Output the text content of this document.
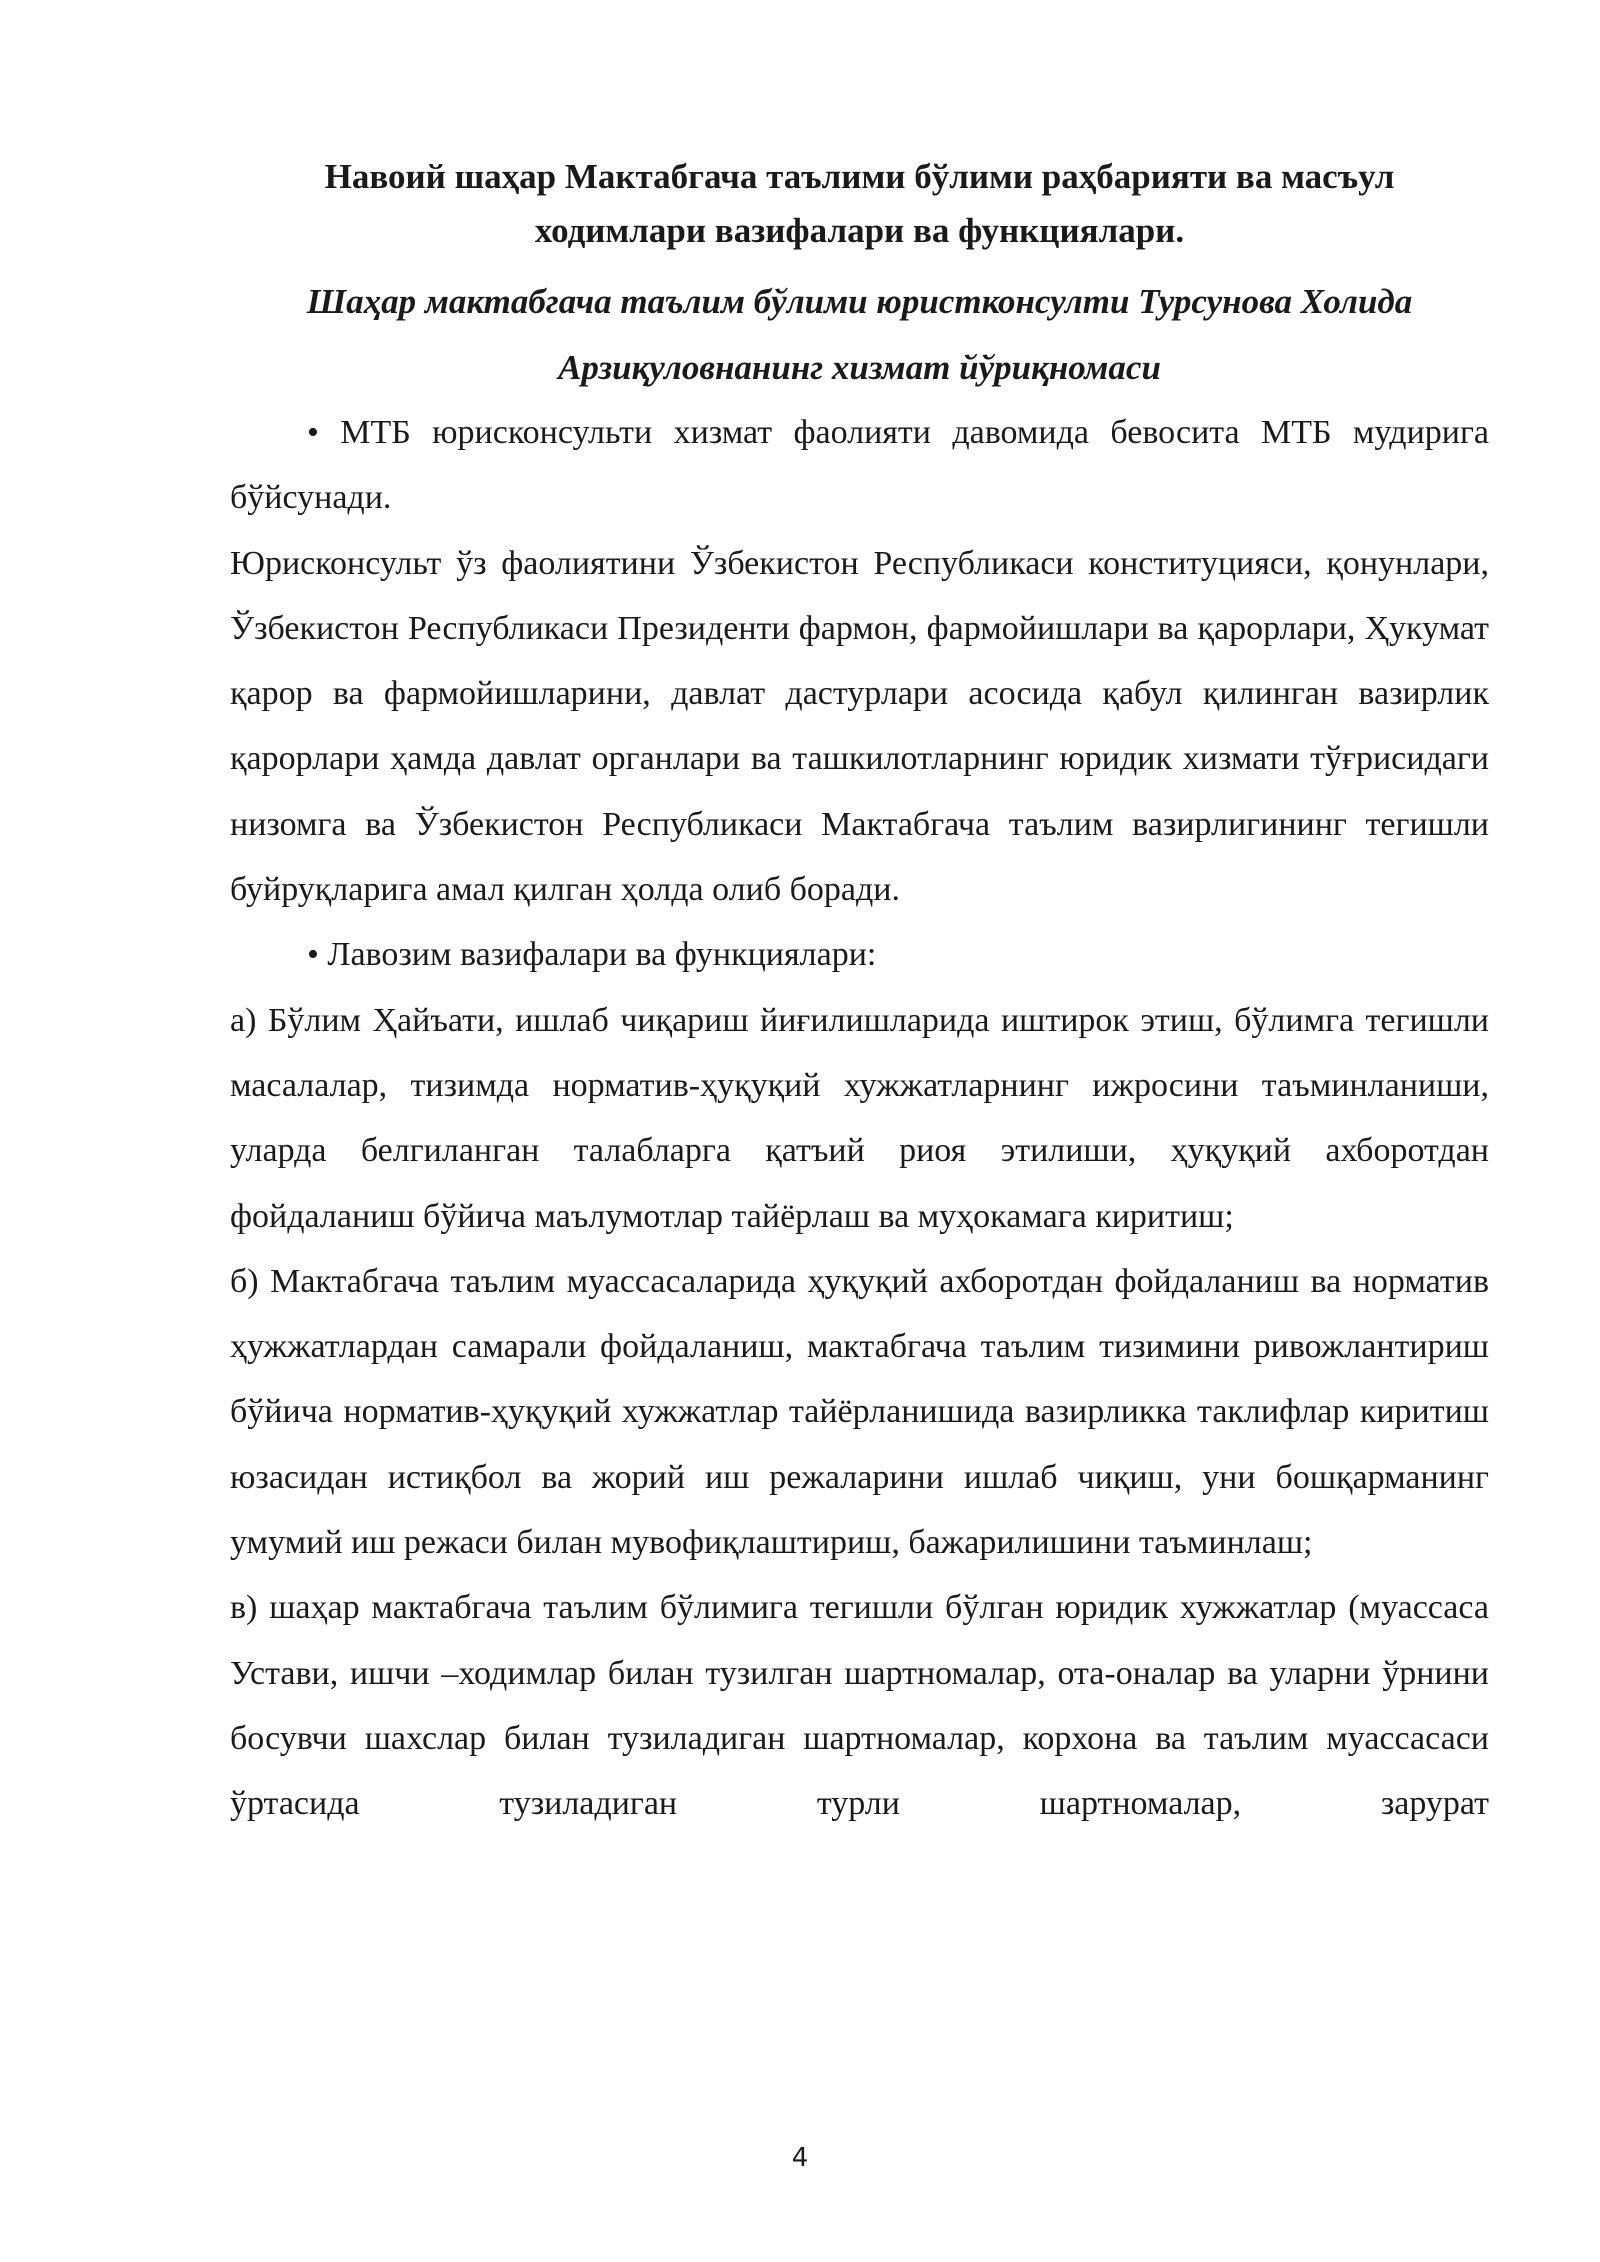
Навоий шаҳар Мактабгача таълими бўлими раҳбарияти ва масъул ходимлари вазифалари ва функциялари.

Шаҳар мактабгача таълим бўлими юристконсулти Турсунова Холида Арзиқуловнанинг хизмат йўриқномаси

• МТБ юрисконсульти хизмат фаолияти давомида бевосита МТБ мудирига бўйсунади.

Юрисконсульт ўз фаолиятини Ўзбекистон Республикаси конституцияси, қонунлари, Ўзбекистон Республикаси Президенти фармон, фармойишлари ва қарорлари, Ҳукумат қарор ва фармойишларини, давлат дастурлари асосида қабул қилинган вазирлик қарорлари ҳамда давлат органлари ва ташкилотларнинг юридик хизмати тўғрисидаги низомга ва Ўзбекистон Республикаси Мактабгача таълим вазирлигининг тегишли буйруқларига амал қилган ҳолда олиб боради.

• Лавозим вазифалари ва функциялари:

а) Бўлим Ҳайъати, ишлаб чиқариш йиғилишларида иштирок этиш, бўлимга тегишли масалалар, тизимда норматив-ҳуқуқий хужжатларнинг ижросини таъминланиши, уларда белгиланган талабларга қатъий риоя этилиши, ҳуқуқий ахборотдан фойдаланиш бўйича маълумотлар тайёрлаш ва муҳокамага киритиш;

б) Мактабгача таълим муассасаларида ҳуқуқий ахборотдан фойдаланиш ва норматив ҳужжатлардан самарали фойдаланиш, мактабгача таълим тизимини ривожлантириш бўйича норматив-ҳуқуқий хужжатлар тайёрланишида вазирликка таклифлар киритиш юзасидан истиқбол ва жорий иш режаларини ишлаб чиқиш, уни бошқарманинг умумий иш режаси билан мувофиқлаштириш, бажарилишини таъминлаш;

в) шаҳар мактабгача таълим бўлимига тегишли бўлган юридик хужжатлар (муассаса Устави, ишчи –ходимлар билан тузилган шартномалар, ота-оналар ва уларни ўрнини босувчи шахслар билан тузиладиган шартномалар, корхона ва таълим муассасаси ўртасида тузиладиган турли шартномалар, зарурат

4
